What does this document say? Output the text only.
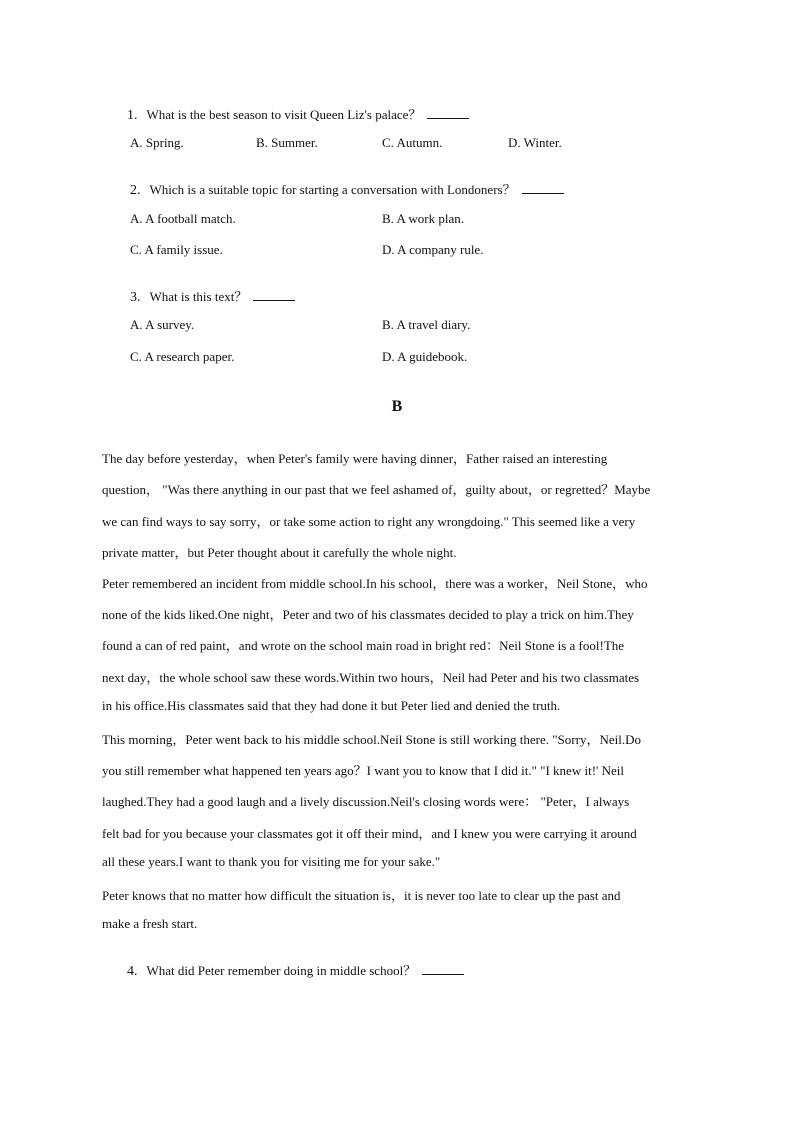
1. What is the best season to visit Queen Liz's palace？
A. Spring.	B. Summer.	C. Autumn.	D. Winter.
2. Which is a suitable topic for starting a conversation with Londoners？
A. A football match.	B. A work plan.
C. A family issue.	D. A company rule.
3. What is this text？
A. A survey.	B. A travel diary.
C. A research paper.	D. A guidebook.
B
The day before yesterday，when Peter's family were having dinner，Father raised an interesting
question， "Was there anything in our past that we feel ashamed of，guilty about，or regretted？Maybe
we can find ways to say sorry，or take some action to right any wrongdoing." This seemed like a very
private matter，but Peter thought about it carefully the whole night.
Peter remembered an incident from middle school.In his school，there was a worker，Neil Stone，who
none of the kids liked.One night，Peter and two of his classmates decided to play a trick on him.They
found a can of red paint，and wrote on the school main road in bright red：Neil Stone is a fool!The
next day，the whole school saw these words.Within two hours，Neil had Peter and his two classmates
in his office.His classmates said that they had done it but Peter lied and denied the truth.
This morning，Peter went back to his middle school.Neil Stone is still working there. "Sorry，Neil.Do
you still remember what happened ten years ago？I want you to know that I did it." "I knew it!' Neil
laughed.They had a good laugh and a lively discussion.Neil's closing words were： "Peter，I always
felt bad for you because your classmates got it off their mind，and I knew you were carrying it around
all these years.I want to thank you for visiting me for your sake."
Peter knows that no matter how difficult the situation is，it is never too late to clear up the past and
make a fresh start.
4. What did Peter remember doing in middle school？
